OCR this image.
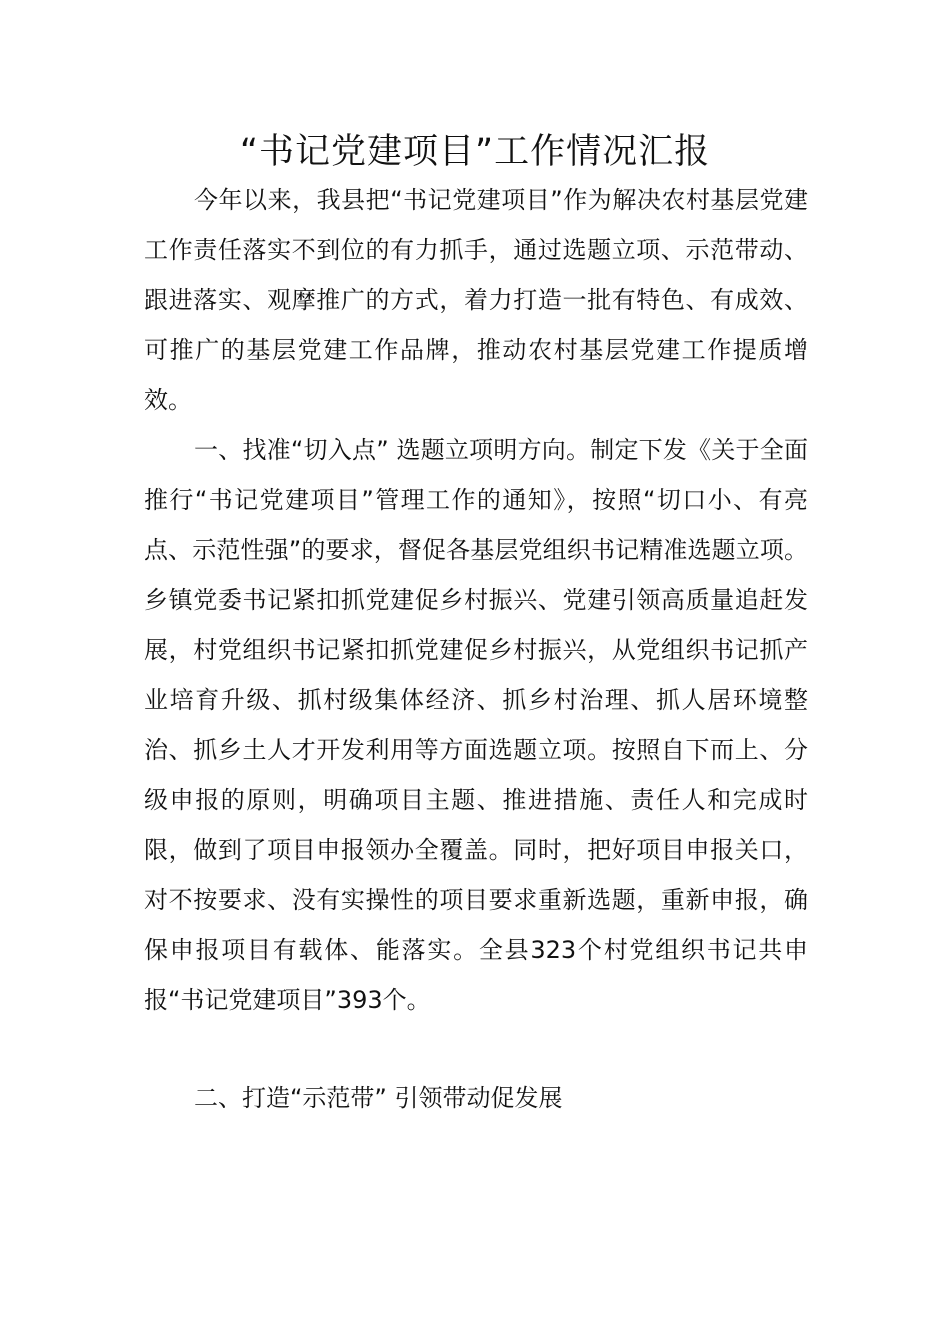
“书记党建项目”工作情况汇报

今年以来，我县把“书记党建项目”作为解决农村基层党建工作责任落实不到位的有力抓手，通过选题立项、示范带动、跟进落实、观摩推广的方式，着力打造一批有特色、有成效、可推广的基层党建工作品牌，推动农村基层党建工作提质增效。

一、找准“切入点” 选题立项明方向。制定下发《关于全面推行“书记党建项目”管理工作的通知》，按照“切口小、有亮点、示范性强”的要求，督促各基层党组织书记精准选题立项。乡镇党委书记紧扣抓党建促乡村振兴、党建引领高质量追赶发展，村党组织书记紧扣抓党建促乡村振兴，从党组织书记抓产业培育升级、抓村级集体经济、抓乡村治理、抓人居环境整治、抓乡土人才开发利用等方面选题立项。按照自下而上、分级申报的原则，明确项目主题、推进措施、责任人和完成时限，做到了项目申报领办全覆盖。同时，把好项目申报关口，对不按要求、没有实操性的项目要求重新选题，重新申报，确保申报项目有载体、能落实。全县323个村党组织书记共申报“书记党建项目”393个。

二、打造“示范带” 引领带动促发展
